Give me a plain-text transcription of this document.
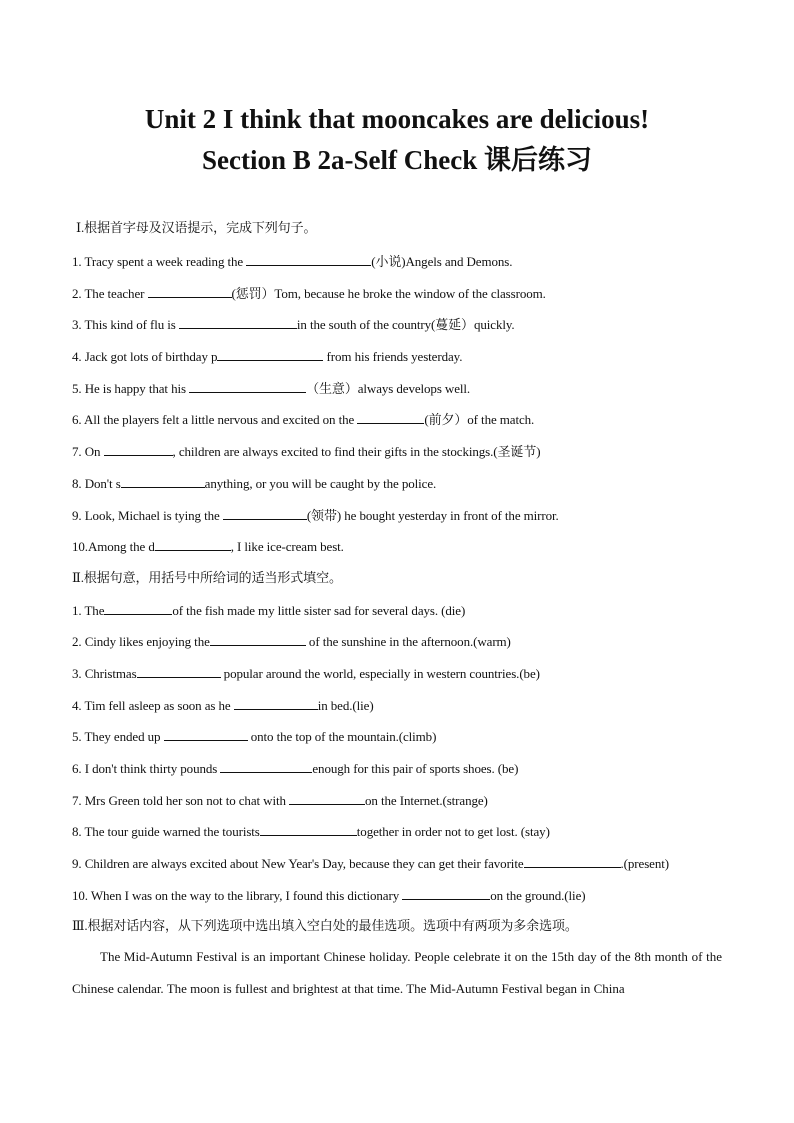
Unit 2 I think that mooncakes are delicious!
Section B 2a-Self Check 课后练习
Ⅰ.根据首字母及汉语提示，完成下列句子。
1. Tracy spent a week reading the	(小说)Angels and Demons.
2. The teacher	(惩罚）Tom, because he broke the window of the classroom.
3. This kind of flu is	in the south of the country(蔓延）quickly.
4. Jack got lots of birthday p	from his friends yesterday.
5. He is happy that his	（生意）always develops well.
6. All the players felt a little nervous and excited on the	(前夕）of the match.
7. On	, children are always excited to find their gifts in the stockings.(圣诞节)
8. Don't s	anything, or you will be caught by the police.
9. Look, Michael is tying the	(领带) he bought yesterday in front of the mirror.
10.Among the d	, I like ice-cream best.
Ⅱ.根据句意，用括号中所给词的适当形式填空。
1. The	of the fish made my little sister sad for several days. (die)
2. Cindy likes enjoying the	of the sunshine in the afternoon.(warm)
3. Christmas	popular around the world, especially in western countries.(be)
4. Tim fell asleep as soon as he	in bed.(lie)
5. They ended up	onto the top of the mountain.(climb)
6. I don't think thirty pounds	enough for this pair of sports shoes. (be)
7. Mrs Green told her son not to chat with	on the Internet.(strange)
8. The tour guide warned the tourists	together in order not to get lost. (stay)
9. Children are always excited about New Year's Day, because they can get their favorite	.(present)
10. When I was on the way to the library, I found this dictionary	on the ground.(lie)
Ⅲ.根据对话内容，从下列选项中选出填入空白处的最佳选项。选项中有两项为多余选项。
The Mid-Autumn Festival is an important Chinese holiday. People celebrate it on the 15th day of the 8th month of the Chinese calendar. The moon is fullest and brightest at that time. The Mid-Autumn Festival began in China
